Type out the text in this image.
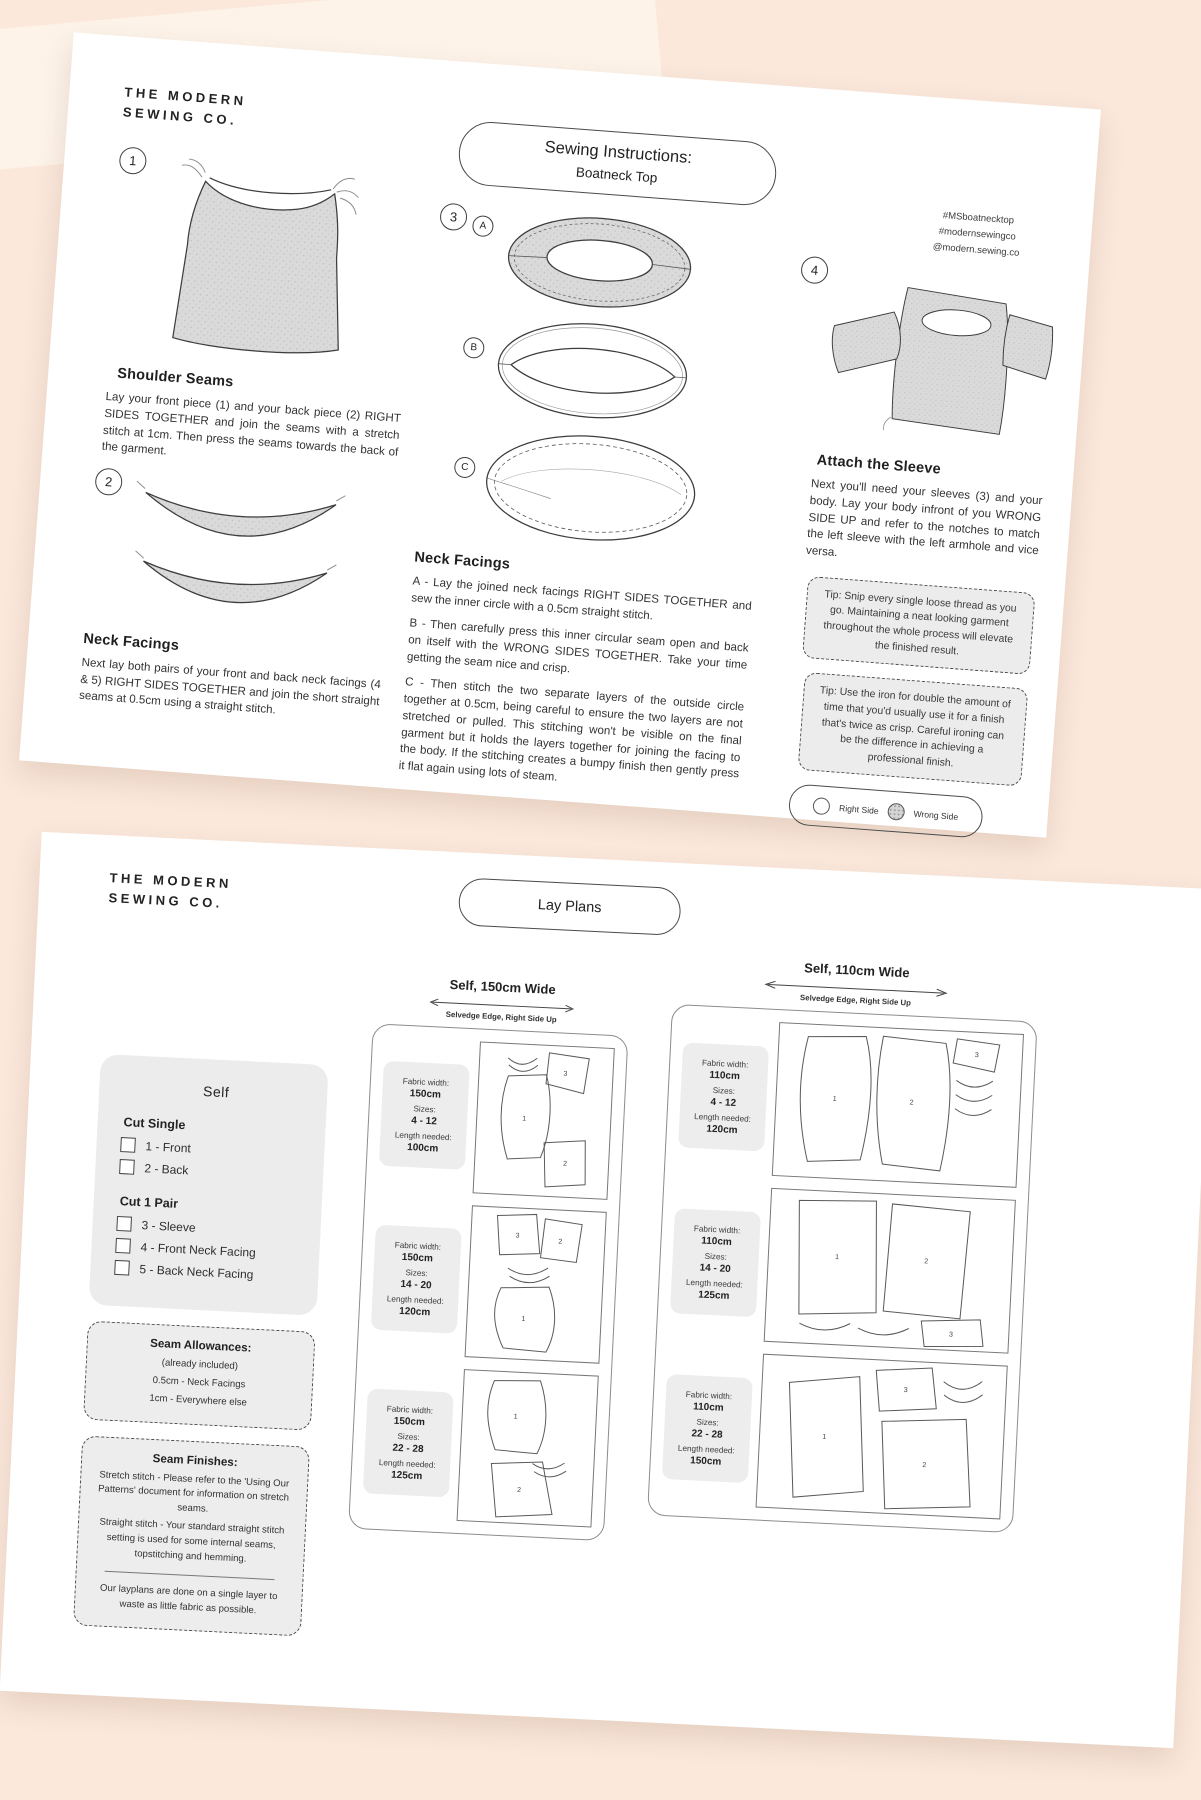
THE MODERN
SEWING CO.
1
Shoulder Seams

Lay your front piece (1) and your back piece (2) RIGHT SIDES TOGETHER and join the seams with a stretch stitch at 1cm. Then press the seams towards the back of the garment.

2
Neck Facings

Next lay both pairs of your front and back neck facings (4 & 5) RIGHT SIDES TOGETHER and join the short straight seams at 0.5cm using a straight stitch.

Sewing Instructions:
Boatneck Top
3
A
B
C
Neck Facings

A - Lay the joined neck facings RIGHT SIDES TOGETHER and sew the inner circle with a 0.5cm straight stitch.

B - Then carefully press this inner circular seam open and back on itself with the WRONG SIDES TOGETHER. Take your time getting the seam nice and crisp.

C - Then stitch the two separate layers of the outside circle together at 0.5cm, being careful to ensure the two layers are not stretched or pulled. This stitching won't be visible on the final garment but it holds the layers together for joining the facing to the body. If the stitching creates a bumpy finish then gently press it flat again using lots of steam.

#MSboatnecktop
#modernsewingco
@modern.sewing.co
4
Attach the Sleeve

Next you'll need your sleeves (3) and your body. Lay your body infront of you WRONG SIDE UP and refer to the notches to match the left sleeve with the left armhole and vice versa.

Tip: Snip every single loose thread as you go. Maintaining a neat looking garment throughout the whole process will elevate the finished result.
Tip: Use the iron for double the amount of time that you'd usually use it for a finish that's twice as crisp. Careful ironing can be the difference in achieving a professional finish.
Right Side	Wrong Side
THE MODERN
SEWING CO.	Lay Plans
Self
Cut Single
1 - Front
2 - Back
Cut 1 Pair
3 - Sleeve
4 - Front Neck Facing
5 - Back Neck Facing
Seam Allowances:
(already included)
0.5cm - Neck Facings
1cm - Everywhere else
Seam Finishes:
Stretch stitch - Please refer to the 'Using Our Patterns' document for information on stretch seams.
Straight stitch - Your standard straight stitch setting is used for some internal seams, topstitching and hemming.
Our layplans are done on a single layer to waste as little fabric as possible.
Self, 150cm Wide
Selvedge Edge, Right Side Up
Fabric width:
150cm
Sizes:
4 - 12
Length needed:
100cm
3
1
2
Fabric width:
150cm
Sizes:
14 - 20
Length needed:
120cm
3
2
1
Fabric width:
150cm
Sizes:
22 - 28
Length needed:
125cm
1
2
Self, 110cm Wide
Selvedge Edge, Right Side Up
Fabric width:
110cm
Sizes:
4 - 12
Length needed:
120cm
1	2
3
Fabric width:
110cm
Sizes:
14 - 20
Length needed:
125cm
1
2
3
Fabric width:
110cm
Sizes:
22 - 28
Length needed:
150cm
1
3
2
